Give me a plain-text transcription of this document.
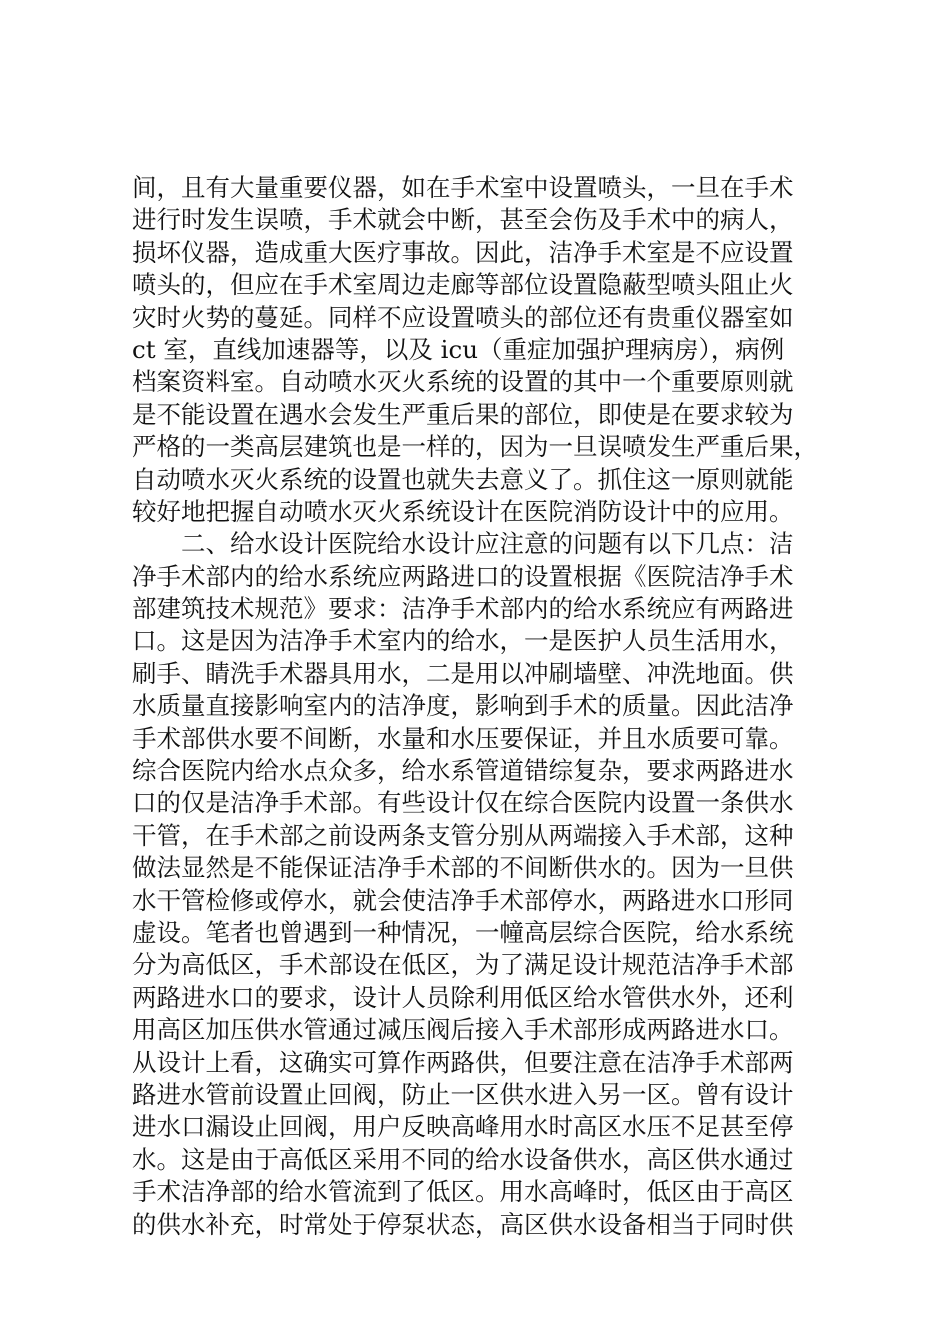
间，且有大量重要仪器，如在手术室中设置喷头，一旦在手术
进行时发生误喷，手术就会中断，甚至会伤及手术中的病人，
损坏仪器，造成重大医疗事故。因此，洁净手术室是不应设置
喷头的，但应在手术室周边走廊等部位设置隐蔽型喷头阻止火
灾时火势的蔓延。同样不应设置喷头的部位还有贵重仪器室如
ct 室，直线加速器等，以及 icu（重症加强护理病房），病例
档案资料室。自动喷水灭火系统的设置的其中一个重要原则就
是不能设置在遇水会发生严重后果的部位，即使是在要求较为
严格的一类高层建筑也是一样的，因为一旦误喷发生严重后果，
自动喷水灭火系统的设置也就失去意义了。抓住这一原则就能
较好地把握自动喷水灭火系统设计在医院消防设计中的应用。
二、给水设计医院给水设计应注意的问题有以下几点：洁
净手术部内的给水系统应两路进口的设置根据《医院洁净手术
部建筑技术规范》要求：洁净手术部内的给水系统应有两路进
口。这是因为洁净手术室内的给水，一是医护人员生活用水，
刷手、睛洗手术器具用水，二是用以冲刷墙壁、冲洗地面。供
水质量直接影响室内的洁净度，影响到手术的质量。因此洁净
手术部供水要不间断，水量和水压要保证，并且水质要可靠。
综合医院内给水点众多，给水系管道错综复杂，要求两路进水
口的仅是洁净手术部。有些设计仅在综合医院内设置一条供水
干管，在手术部之前设两条支管分别从两端接入手术部，这种
做法显然是不能保证洁净手术部的不间断供水的。因为一旦供
水干管检修或停水，就会使洁净手术部停水，两路进水口形同
虚设。笔者也曾遇到一种情况，一幢高层综合医院，给水系统
分为高低区，手术部设在低区，为了满足设计规范洁净手术部
两路进水口的要求，设计人员除利用低区给水管供水外，还利
用高区加压供水管通过减压阀后接入手术部形成两路进水口。
从设计上看，这确实可算作两路供，但要注意在洁净手术部两
路进水管前设置止回阀，防止一区供水进入另一区。曾有设计
进水口漏设止回阀，用户反映高峰用水时高区水压不足甚至停
水。这是由于高低区采用不同的给水设备供水，高区供水通过
手术洁净部的给水管流到了低区。用水高峰时，低区由于高区
的供水补充，时常处于停泵状态，高区供水设备相当于同时供
